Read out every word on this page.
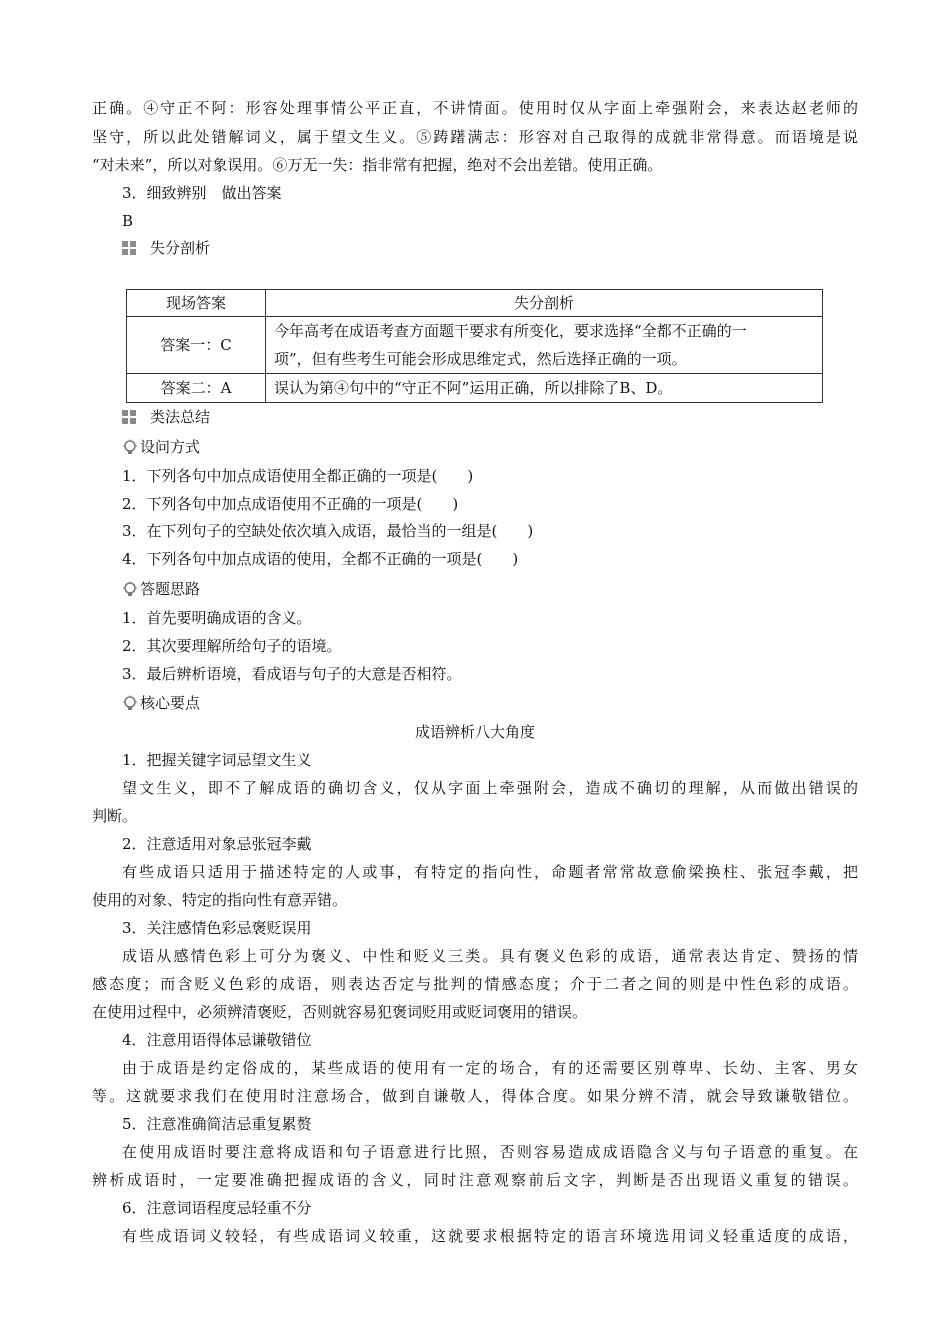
正确。④守正不阿：形容处理事情公平正直，不讲情面。使用时仅从字面上牵强附会，来表达赵老师的
坚守，所以此处错解词义，属于望文生义。⑤踌躇满志：形容对自己取得的成就非常得意。而语境是说
“对未来”，所以对象误用。⑥万无一失：指非常有把握，绝对不会出差错。使用正确。
3．细致辨别　做出答案
B
失分剖析
现场答案	失分剖析
答案一：C	今年高考在成语考查方面题干要求有所变化，要求选择“全都不正确的一
项”，但有些考生可能会形成思维定式，然后选择正确的一项。

答案二：A	误认为第④句中的“守正不阿”运用正确，所以排除了B、D。
类法总结
设问方式
1．下列各句中加点成语使用全都正确的一项是(　　)
2．下列各句中加点成语使用不正确的一项是(　　)
3．在下列句子的空缺处依次填入成语，最恰当的一组是(　　)
4．下列各句中加点成语的使用，全都不正确的一项是(　　)
答题思路
1．首先要明确成语的含义。
2．其次要理解所给句子的语境。
3．最后辨析语境，看成语与句子的大意是否相符。
核心要点
成语辨析八大角度
1．把握关键字词忌望文生义
望文生义，即不了解成语的确切含义，仅从字面上牵强附会，造成不确切的理解，从而做出错误的
判断。
2．注意适用对象忌张冠李戴
有些成语只适用于描述特定的人或事，有特定的指向性，命题者常常故意偷梁换柱、张冠李戴，把
使用的对象、特定的指向性有意弄错。
3．关注感情色彩忌褒贬误用
成语从感情色彩上可分为褒义、中性和贬义三类。具有褒义色彩的成语，通常表达肯定、赞扬的情
感态度；而含贬义色彩的成语，则表达否定与批判的情感态度；介于二者之间的则是中性色彩的成语。
在使用过程中，必须辨清褒贬，否则就容易犯褒词贬用或贬词褒用的错误。
4．注意用语得体忌谦敬错位
由于成语是约定俗成的，某些成语的使用有一定的场合，有的还需要区别尊卑、长幼、主客、男女
等。这就要求我们在使用时注意场合，做到自谦敬人，得体合度。如果分辨不清，就会导致谦敬错位。
5．注意准确简洁忌重复累赘
在使用成语时要注意将成语和句子语意进行比照，否则容易造成成语隐含义与句子语意的重复。在
辨析成语时，一定要准确把握成语的含义，同时注意观察前后文字，判断是否出现语义重复的错误。
6．注意词语程度忌轻重不分
有些成语词义较轻，有些成语词义较重，这就要求根据特定的语言环境选用词义轻重适度的成语，
